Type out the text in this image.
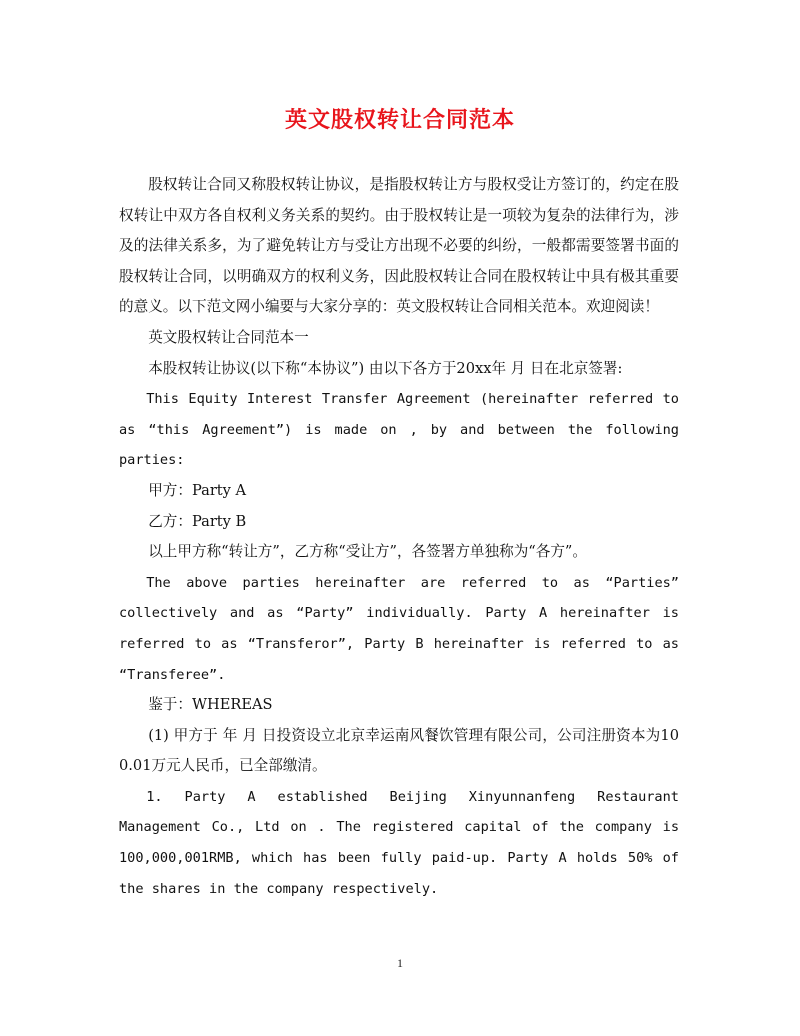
英文股权转让合同范本

股权转让合同又称股权转让协议，是指股权转让方与股权受让方签订的，约定在股权转让中双方各自权利义务关系的契约。由于股权转让是一项较为复杂的法律行为，涉及的法律关系多，为了避免转让方与受让方出现不必要的纠纷，一般都需要签署书面的股权转让合同，以明确双方的权利义务，因此股权转让合同在股权转让中具有极其重要的意义。以下范文网小编要与大家分享的：英文股权转让合同相关范本。欢迎阅读！

英文股权转让合同范本一

本股权转让协议(以下称“本协议”) 由以下各方于20xx年 月 日在北京签署:

This Equity Interest Transfer Agreement (hereinafter referred to as “this Agreement”) is made on , by and between the following parties:

甲方：Party A

乙方：Party B

以上甲方称“转让方”，乙方称“受让方”，各签署方单独称为“各方”。

The above parties hereinafter are referred to as “Parties” collectively and as “Party” individually. Party A hereinafter is referred to as “Transferor”, Party B hereinafter is referred to as “Transferee”.

鉴于：WHEREAS

(1) 甲方于 年 月 日投资设立北京幸运南风餐饮管理有限公司，公司注册资本为100.01万元人民币，已全部缴清。

1. Party A established Beijing Xinyunnanfeng Restaurant Management Co., Ltd on . The registered capital of the company is 100,000,001RMB, which has been fully paid-up. Party A holds 50% of the shares in the company respectively.

1
